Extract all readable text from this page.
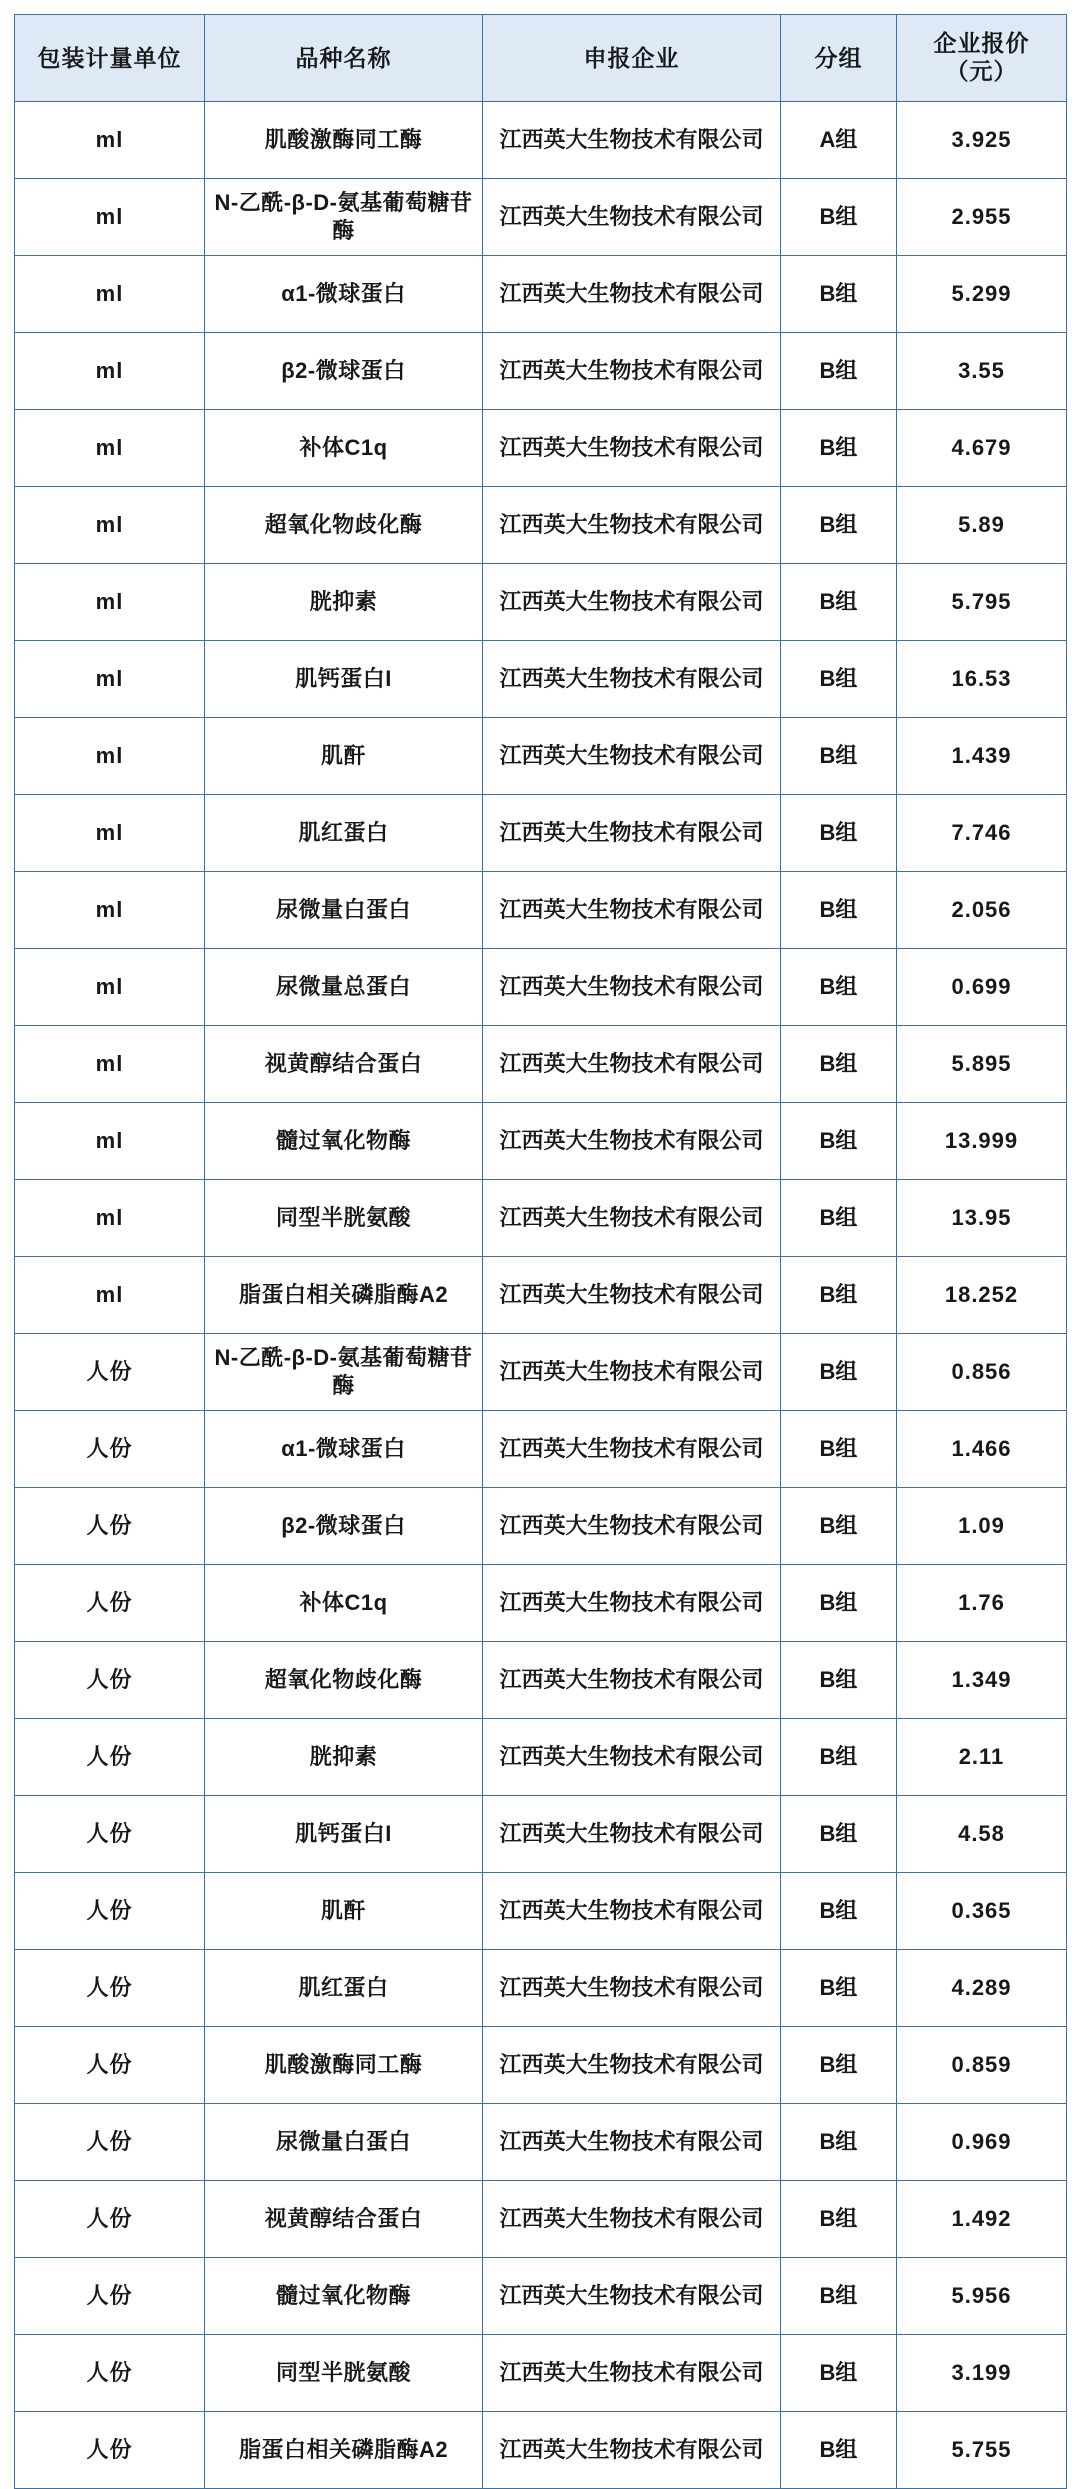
包装计量单位	品种名称	申报企业	分组	企业报价
（元）

ml	肌酸激酶同工酶	江西英大生物技术有限公司	A组	3.925
ml	N-乙酰-β-D-氨基葡萄糖苷酶	江西英大生物技术有限公司	B组	2.955
ml	α1-微球蛋白	江西英大生物技术有限公司	B组	5.299
ml	β2-微球蛋白	江西英大生物技术有限公司	B组	3.55
ml	补体C1q	江西英大生物技术有限公司	B组	4.679
ml	超氧化物歧化酶	江西英大生物技术有限公司	B组	5.89
ml	胱抑素	江西英大生物技术有限公司	B组	5.795
ml	肌钙蛋白I	江西英大生物技术有限公司	B组	16.53
ml	肌酐	江西英大生物技术有限公司	B组	1.439
ml	肌红蛋白	江西英大生物技术有限公司	B组	7.746
ml	尿微量白蛋白	江西英大生物技术有限公司	B组	2.056
ml	尿微量总蛋白	江西英大生物技术有限公司	B组	0.699
ml	视黄醇结合蛋白	江西英大生物技术有限公司	B组	5.895
ml	髓过氧化物酶	江西英大生物技术有限公司	B组	13.999
ml	同型半胱氨酸	江西英大生物技术有限公司	B组	13.95
ml	脂蛋白相关磷脂酶A2	江西英大生物技术有限公司	B组	18.252
人份	N-乙酰-β-D-氨基葡萄糖苷酶	江西英大生物技术有限公司	B组	0.856
人份	α1-微球蛋白	江西英大生物技术有限公司	B组	1.466
人份	β2-微球蛋白	江西英大生物技术有限公司	B组	1.09
人份	补体C1q	江西英大生物技术有限公司	B组	1.76
人份	超氧化物歧化酶	江西英大生物技术有限公司	B组	1.349
人份	胱抑素	江西英大生物技术有限公司	B组	2.11
人份	肌钙蛋白I	江西英大生物技术有限公司	B组	4.58
人份	肌酐	江西英大生物技术有限公司	B组	0.365
人份	肌红蛋白	江西英大生物技术有限公司	B组	4.289
人份	肌酸激酶同工酶	江西英大生物技术有限公司	B组	0.859
人份	尿微量白蛋白	江西英大生物技术有限公司	B组	0.969
人份	视黄醇结合蛋白	江西英大生物技术有限公司	B组	1.492
人份	髓过氧化物酶	江西英大生物技术有限公司	B组	5.956
人份	同型半胱氨酸	江西英大生物技术有限公司	B组	3.199
人份	脂蛋白相关磷脂酶A2	江西英大生物技术有限公司	B组	5.755
